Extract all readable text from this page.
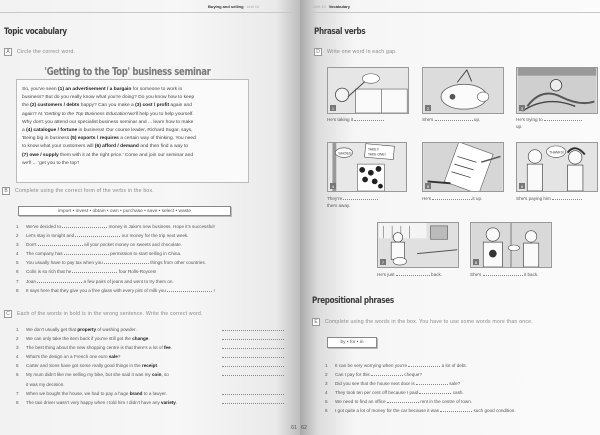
Buying and selling Unit 15
Topic vocabulary
A	Circle the correct word.
'Getting to the Top' business seminar
So, you've seen (1) an advertisement / a bargain for someone to work in
business? But do you really know what you're doing? Do you know how to keep
the (2) customers / debts happy? Can you make a (3) cost / profit again and
again? At 'Getting to the Top Business Education'we'll help you to help yourself.
Why don't you attend our specialist business seminar and ... learn how to make
a (4) catalogue / fortune in business! Our course leader, Richard Sugar, says,
'Being big in business (5) exports / requires a certain way of thinking. You need
to know what your customers will (6) afford / demand and then find a way to
(7) owe / supply them with it at the right price.' Come and join our seminar and
we'll ... 'get you to the top'!
B	Complete using the correct form of the verbs in the box.
import • invest • obtain • own • purchase • save • select • waste
1 We've decided to	money in Jake's new business. Hope it's successful!
2 Let's stay in tonight and	our money for the trip next week.
3 Don't	all your pocket money on sweets and chocolate.
4 The company has	permission to start selling in China.
5 You usually have to pay tax when you	things from other countries.
6 Colin is so rich that he	four Rolls-Royces!
7 Joan	a few pairs of jeans and went to try them on.
8 It says here that they give you a free glass with every pint of milk you	!
C	Each of the words in bold is in the wrong sentence. Write the correct word.
1 We don't usually get that property of washing powder.
2 We can only take the item back if you've still got the change.
3 The best thing about the new shopping centre is that there's a lot of fee.
4 What's the design on a French one euro sale?
5 Carter and Sons have got some really good things in the receipt.
6 My mum didn't like me selling my bike, but she said it was my coin, so
it was my decision.
7 When we bought the house, we had to pay a huge brand to a lawyer.
8 The taxi driver wasn't very happy when I told him I didn't have any variety.
61
Unit 15 Vocabulary
Phrasal verbs
D	Write one word in each gap.
1	2	3
He's taking it	She's	up.	He's trying to
up.
SHOES
TAKE !!
TAKE ONE!
4	5
THANKS!
6
They're
them away.
He's	it up.	She's paying him
7	8
He's just	back.	She's	it back.
Prepositional phrases
E	Complete using the words in the box. You have to use some words more than once.
by • for • in
1 It can be very worrying when you're	a lot of debt.
2 Can I pay for this	cheque?
3 Did you see that the house next door is	sale?
4 They took ten per cent off because I paid	cash.
5 We need to find an office	rent in the centre of town.
6 I got quite a lot of money for the car because it was	such good condition.
62
